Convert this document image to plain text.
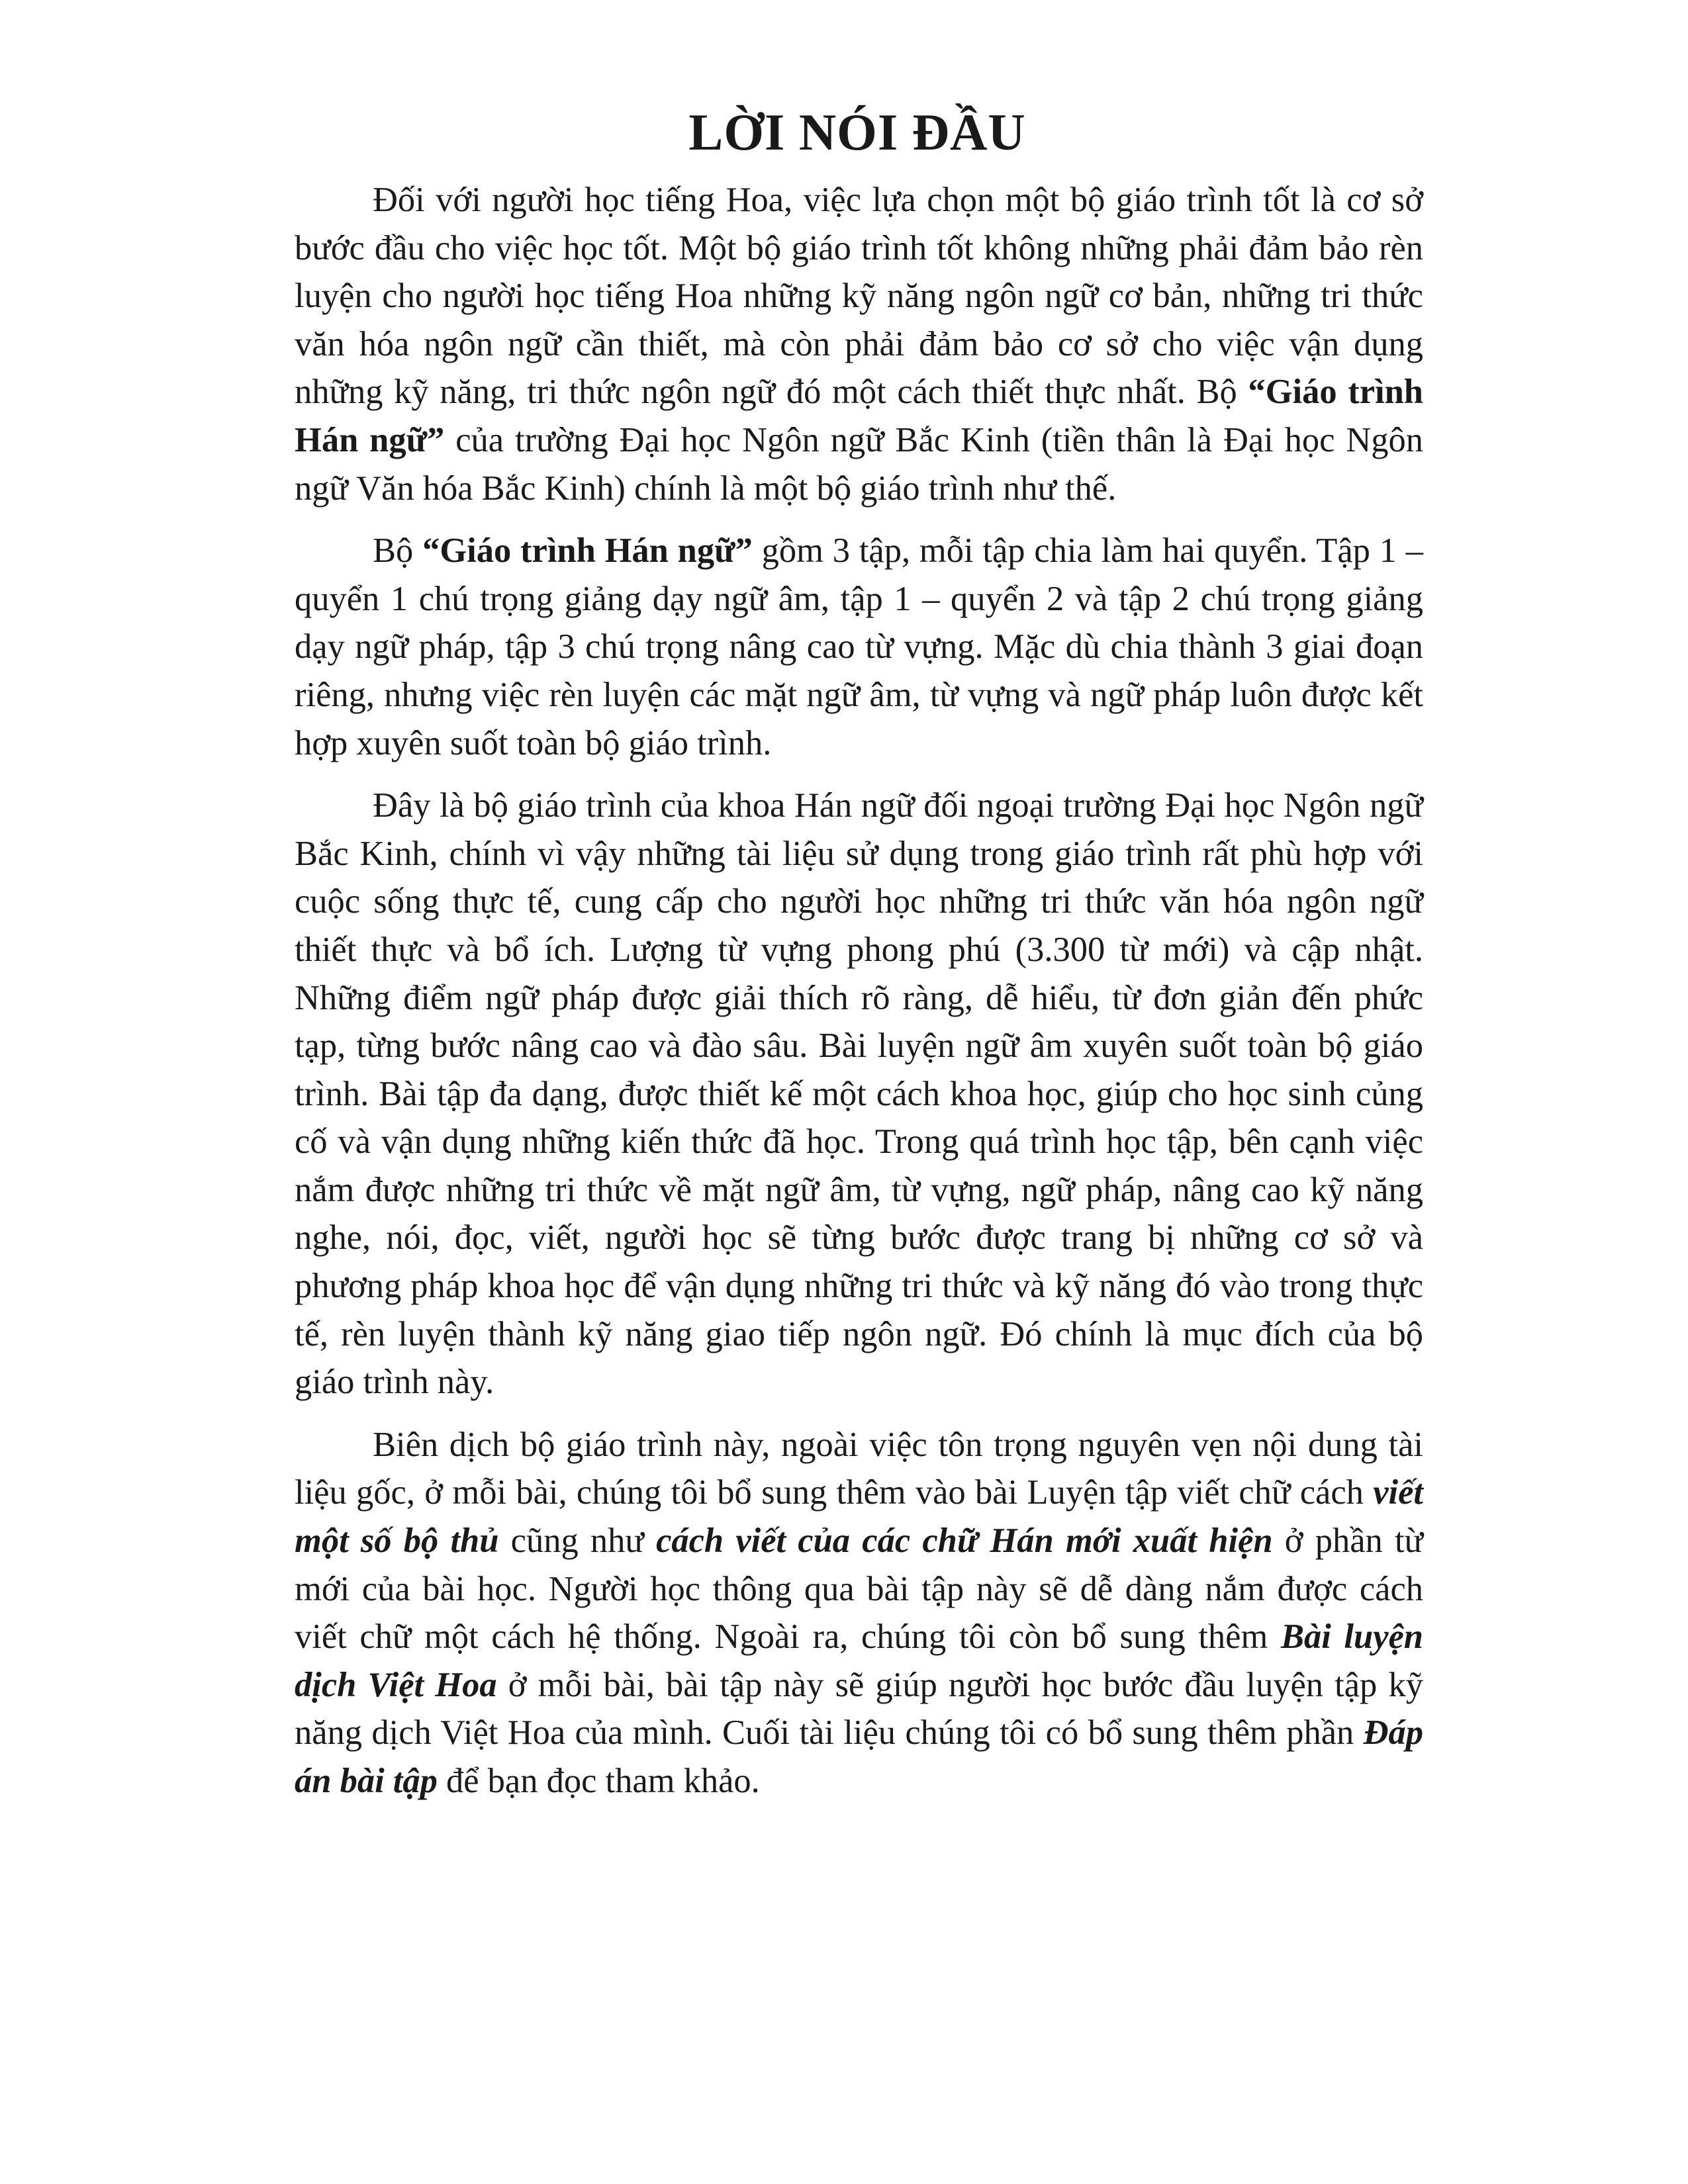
LỜI NÓI ĐẦU

Đối với người học tiếng Hoa, việc lựa chọn một bộ giáo trình tốt là cơ sở bước đầu cho việc học tốt. Một bộ giáo trình tốt không những phải đảm bảo rèn luyện cho người học tiếng Hoa những kỹ năng ngôn ngữ cơ bản, những tri thức văn hóa ngôn ngữ cần thiết, mà còn phải đảm bảo cơ sở cho việc vận dụng những kỹ năng, tri thức ngôn ngữ đó một cách thiết thực nhất. Bộ “Giáo trình Hán ngữ” của trường Đại học Ngôn ngữ Bắc Kinh (tiền thân là Đại học Ngôn ngữ Văn hóa Bắc Kinh) chính là một bộ giáo trình như thế.

Bộ “Giáo trình Hán ngữ” gồm 3 tập, mỗi tập chia làm hai quyển. Tập 1 – quyển 1 chú trọng giảng dạy ngữ âm, tập 1 – quyển 2 và tập 2 chú trọng giảng dạy ngữ pháp, tập 3 chú trọng nâng cao từ vựng. Mặc dù chia thành 3 giai đoạn riêng, nhưng việc rèn luyện các mặt ngữ âm, từ vựng và ngữ pháp luôn được kết hợp xuyên suốt toàn bộ giáo trình.

Đây là bộ giáo trình của khoa Hán ngữ đối ngoại trường Đại học Ngôn ngữ Bắc Kinh, chính vì vậy những tài liệu sử dụng trong giáo trình rất phù hợp với cuộc sống thực tế, cung cấp cho người học những tri thức văn hóa ngôn ngữ thiết thực và bổ ích. Lượng từ vựng phong phú (3.300 từ mới) và cập nhật. Những điểm ngữ pháp được giải thích rõ ràng, dễ hiểu, từ đơn giản đến phức tạp, từng bước nâng cao và đào sâu. Bài luyện ngữ âm xuyên suốt toàn bộ giáo trình. Bài tập đa dạng, được thiết kế một cách khoa học, giúp cho học sinh củng cố và vận dụng những kiến thức đã học. Trong quá trình học tập, bên cạnh việc nắm được những tri thức về mặt ngữ âm, từ vựng, ngữ pháp, nâng cao kỹ năng nghe, nói, đọc, viết, người học sẽ từng bước được trang bị những cơ sở và phương pháp khoa học để vận dụng những tri thức và kỹ năng đó vào trong thực tế, rèn luyện thành kỹ năng giao tiếp ngôn ngữ. Đó chính là mục đích của bộ giáo trình này.

Biên dịch bộ giáo trình này, ngoài việc tôn trọng nguyên vẹn nội dung tài liệu gốc, ở mỗi bài, chúng tôi bổ sung thêm vào bài Luyện tập viết chữ cách viết một số bộ thủ cũng như cách viết của các chữ Hán mới xuất hiện ở phần từ mới của bài học. Người học thông qua bài tập này sẽ dễ dàng nắm được cách viết chữ một cách hệ thống. Ngoài ra, chúng tôi còn bổ sung thêm Bài luyện dịch Việt Hoa ở mỗi bài, bài tập này sẽ giúp người học bước đầu luyện tập kỹ năng dịch Việt Hoa của mình. Cuối tài liệu chúng tôi có bổ sung thêm phần Đáp án bài tập để bạn đọc tham khảo.
